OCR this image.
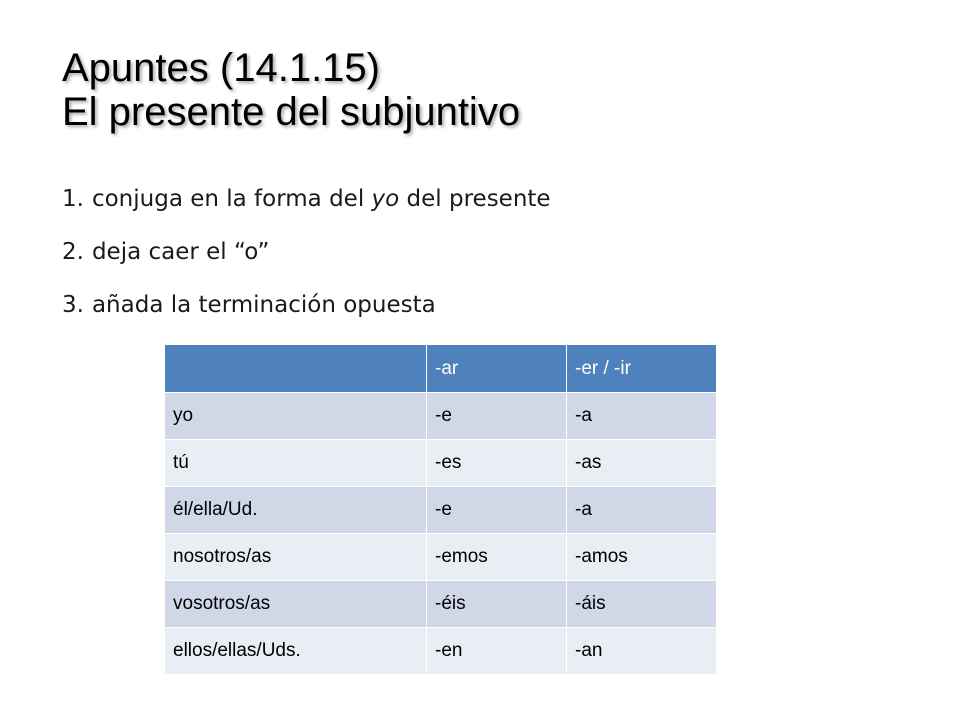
Apuntes (14.1.15)
El presente del subjuntivo
1. conjuga en la forma del yo del presente
2. deja caer el “o”
3. añada la terminación opuesta
	-ar	-er / -ir
yo	-e	-a
tú	-es	-as
él/ella/Ud.	-e	-a
nosotros/as	-emos	-amos
vosotros/as	-éis	-áis
ellos/ellas/Uds.	-en	-an
